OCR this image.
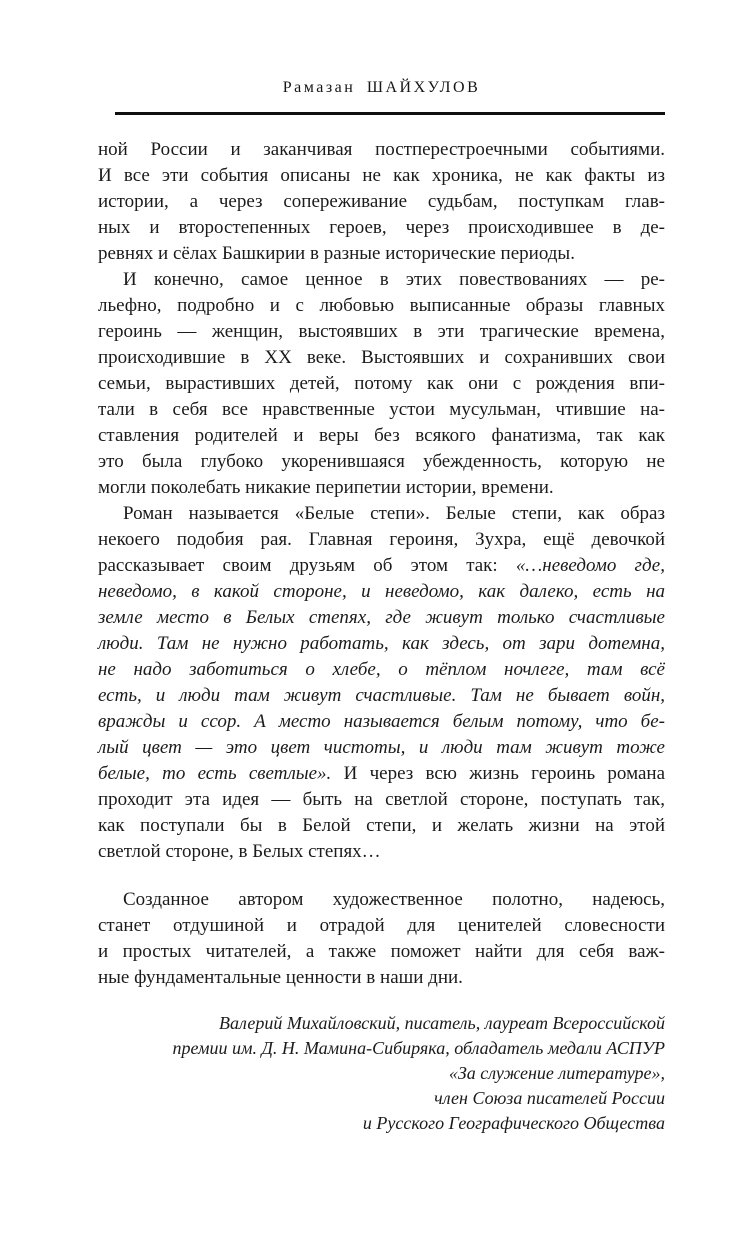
Рамазан ШАЙХУЛОВ
ной России и заканчивая постперестроечными событиями.
И все эти события описаны не как хроника, не как факты из
истории, а через сопереживание судьбам, поступкам глав-
ных и второстепенных героев, через происходившее в де-
ревнях и сёлах Башкирии в разные исторические периоды.
И конечно, самое ценное в этих повествованиях — ре-
льефно, подробно и с любовью выписанные образы главных
героинь — женщин, выстоявших в эти трагические времена,
происходившие в XX веке. Выстоявших и сохранивших свои
семьи, вырастивших детей, потому как они с рождения впи-
тали в себя все нравственные устои мусульман, чтившие на-
ставления родителей и веры без всякого фанатизма, так как
это была глубоко укоренившаяся убежденность, которую не
могли поколебать никакие перипетии истории, времени.
Роман называется «Белые степи». Белые степи, как образ
некоего подобия рая. Главная героиня, Зухра, ещё девочкой
рассказывает своим друзьям об этом так: «…неведомо где,
неведомо, в какой стороне, и неведомо, как далеко, есть на
земле место в Белых степях, где живут только счастливые
люди. Там не нужно работать, как здесь, от зари дотемна,
не надо заботиться о хлебе, о тёплом ночлеге, там всё
есть, и люди там живут счастливые. Там не бывает войн,
вражды и ссор. А место называется белым потому, что бе-
лый цвет — это цвет чистоты, и люди там живут тоже
белые, то есть светлые». И через всю жизнь героинь романа
проходит эта идея — быть на светлой стороне, поступать так,
как поступали бы в Белой степи, и желать жизни на этой
светлой стороне, в Белых степях…
Созданное автором художественное полотно, надеюсь,
станет отдушиной и отрадой для ценителей словесности
и простых читателей, а также поможет найти для себя важ-
ные фундаментальные ценности в наши дни.
Валерий Михайловский, писатель, лауреат Всероссийской
премии им. Д. Н. Мамина-Сибиряка, обладатель медали АСПУР
«За служение литературе»,
член Союза писателей России
и Русского Географического Общества
